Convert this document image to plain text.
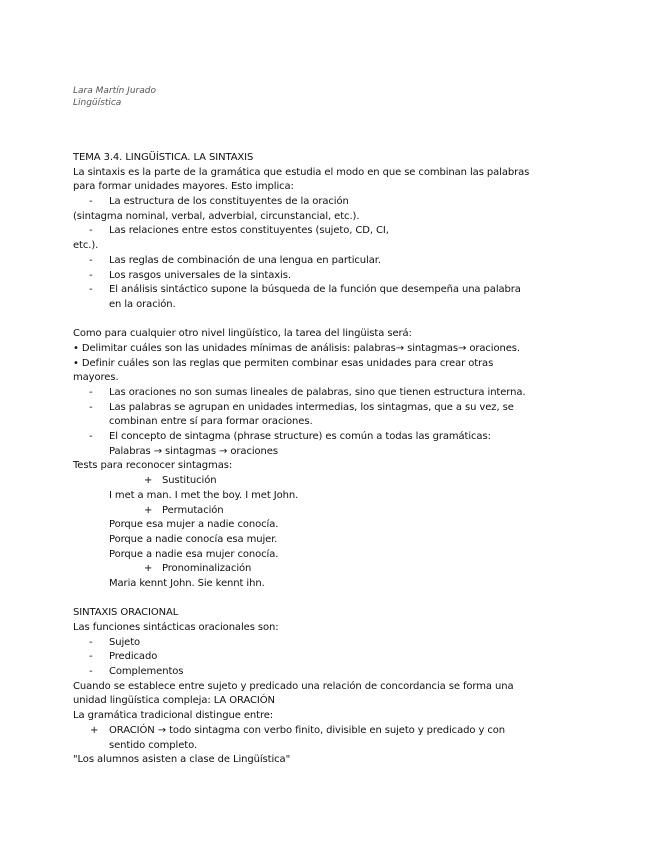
Lara Martín Jurado
Lingüística
TEMA 3.4. LINGÜÍSTICA. LA SINTAXIS
La sintaxis es la parte de la gramática que estudia el modo en que se combinan las palabras
para formar unidades mayores. Esto implica:
- La estructura de los constituyentes de la oración
(sintagma nominal, verbal, adverbial, circunstancial, etc.).
- Las relaciones entre estos constituyentes (sujeto, CD, CI,
etc.).
- Las reglas de combinación de una lengua en particular.
- Los rasgos universales de la sintaxis.
- El análisis sintáctico supone la búsqueda de la función que desempeña una palabra
en la oración.
Como para cualquier otro nivel lingüístico, la tarea del lingüista será:
• Delimitar cuáles son las unidades mínimas de análisis: palabras→ sintagmas→ oraciones.
• Definir cuáles son las reglas que permiten combinar esas unidades para crear otras
mayores.
- Las oraciones no son sumas lineales de palabras, sino que tienen estructura interna.
- Las palabras se agrupan en unidades intermedias, los sintagmas, que a su vez, se
combinan entre sí para formar oraciones.
- El concepto de sintagma (phrase structure) es común a todas las gramáticas:
Palabras → sintagmas → oraciones
Tests para reconocer sintagmas:
+ Sustitución
I met a man. I met the boy. I met John.
+ Permutación
Porque esa mujer a nadie conocía.
Porque a nadie conocía esa mujer.
Porque a nadie esa mujer conocía.
+ Pronominalización
Maria kennt John. Sie kennt ihn.
SINTAXIS ORACIONAL
Las funciones sintácticas oracionales son:
- Sujeto
- Predicado
- Complementos
Cuando se establece entre sujeto y predicado una relación de concordancia se forma una
unidad lingüística compleja: LA ORACIÓN
La gramática tradicional distingue entre:
+ ORACIÓN → todo sintagma con verbo finito, divisible en sujeto y predicado y con
sentido completo.
"Los alumnos asisten a clase de Lingüística"
